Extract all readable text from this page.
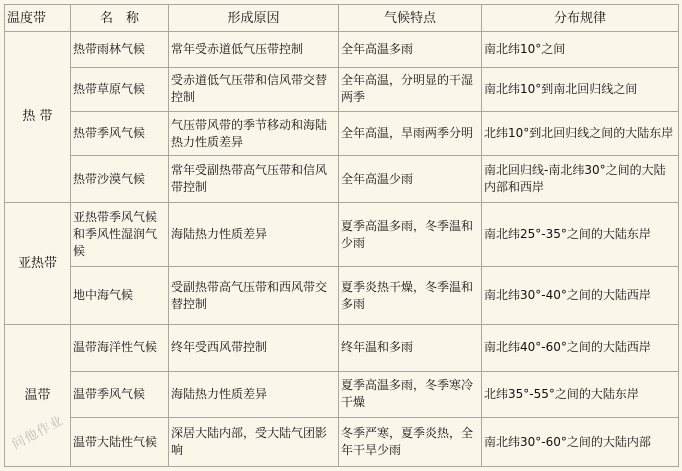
温度带	名　称	形成原因	气候特点	分布规律
热 带	热带雨林气候	常年受赤道低气压带控制	全年高温多雨	南北纬10°之间
	热带草原气候	受赤道低气压带和信风带交替控制	全年高温，分明显的干湿两季	南北纬10°到南北回归线之间
	热带季风气候	气压带风带的季节移动和海陆热力性质差异	全年高温，旱雨两季分明	北纬10°到北回归线之间的大陆东岸
	热带沙漠气候	常年受副热带高气压带和信风带控制	全年高温少雨	南北回归线-南北纬30°之间的大陆内部和西岸
亚热带	亚热带季风气候和季风性湿润气候	海陆热力性质差异	夏季高温多雨，冬季温和少雨	南北纬25°-35°之间的大陆东岸
	地中海气候	受副热带高气压带和西风带交替控制	夏季炎热干燥，冬季温和多雨	南北纬30°-40°之间的大陆西岸
温带	温带海洋性气候	终年受西风带控制	终年温和多雨	南北纬40°-60°之间的大陆西岸
	温带季风气候	海陆热力性质差异	夏季高温多雨，冬季寒冷干燥	北纬35°-55°之间的大陆东岸
	温带大陆性气候	深居大陆内部，受大陆气团影响	冬季严寒，夏季炎热，全年干旱少雨	南北纬30°-60°之间的大陆内部
问他作业
